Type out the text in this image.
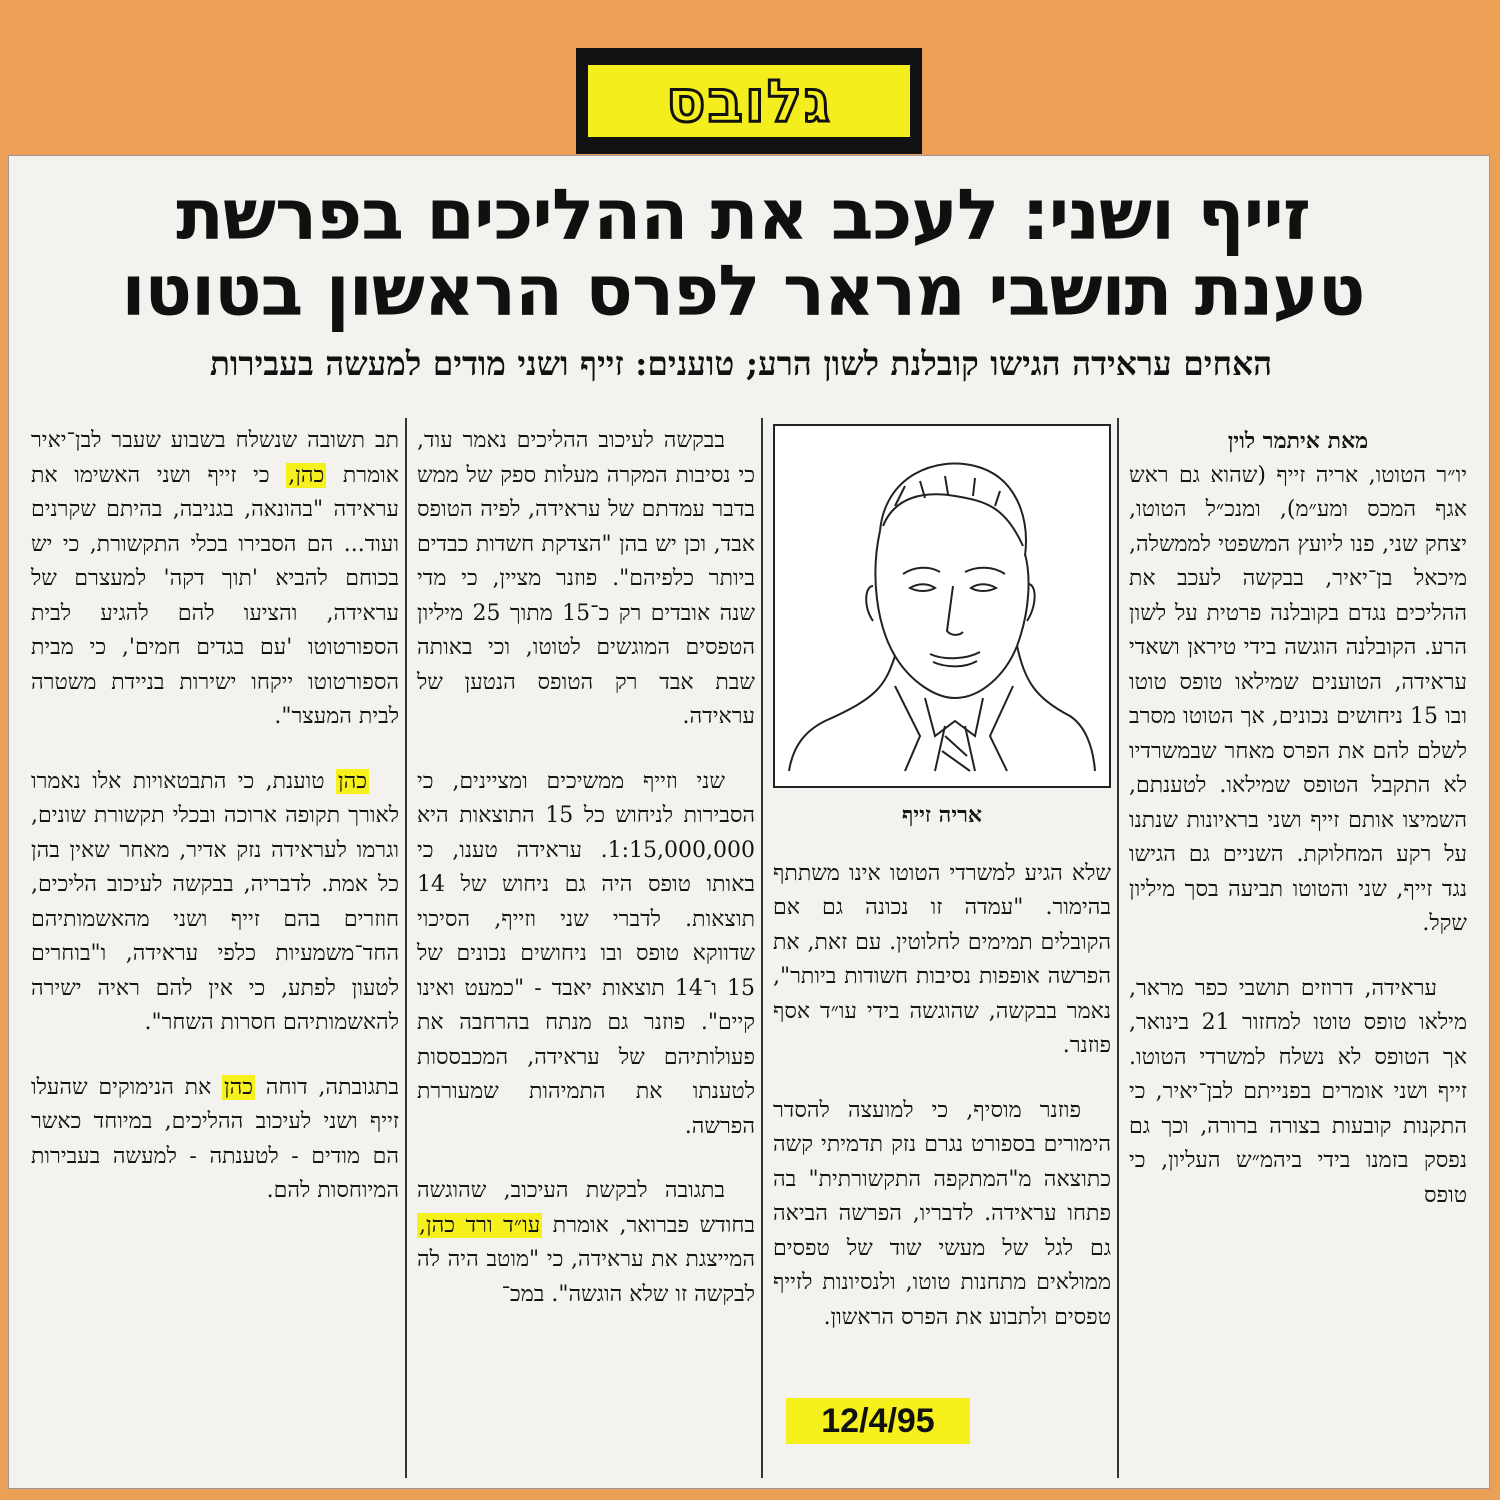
גלובס
זייף ושני: לעכב את ההליכים בפרשת
טענת תושבי מראר לפרס הראשון בטוטו
האחים עראידה הגישו קובלנת לשון הרע; טוענים: זייף ושני מודים למעשה בעבירות

מאת איתמר לוין

יו״ר הטוטו, אריה זייף (שהוא גם ראש אגף המכס ומע״מ), ומנכ״ל הטוטו, יצחק שני, פנו ליועץ המשפטי לממשלה, מיכאל בן־יאיר, בבקשה לעכב את ההליכים נגדם בקובלנה פרטית על לשון הרע. הקובלנה הוגשה בידי טיראן ושאדי עראידה, הטוענים שמילאו טופס טוטו ובו 15 ניחושים נכונים, אך הטוטו מסרב לשלם להם את הפרס מאחר שבמשרדיו לא התקבל הטופס שמילאו. לטענתם, השמיצו אותם זייף ושני בראיונות שנתנו על רקע המחלוקת. השניים גם הגישו נגד זייף, שני והטוטו תביעה בסך מיליון שקל.

עראידה, דרוזים תושבי כפר מראר, מילאו טופס טוטו למחזור 21 בינואר, אך הטופס לא נשלח למשרדי הטוטו. זייף ושני אומרים בפנייתם לבן־יאיר, כי התקנות קובעות בצורה ברורה, וכך גם נפסק בזמנו בידי ביהמ״ש העליון, כי טופס

אריה זייף

שלא הגיע למשרדי הטוטו אינו משתתף בהימור. "עמדה זו נכונה גם אם הקובלים תמימים לחלוטין. עם זאת, את הפרשה אופפות נסיבות חשודות ביותר", נאמר בבקשה, שהוגשה בידי עו״ד אסף פוזנר.

פוזנר מוסיף, כי למועצה להסדר הימורים בספורט נגרם נזק תדמיתי קשה כתוצאה מ"המתקפה התקשורתית" בה פתחו עראידה. לדבריו, הפרשה הביאה גם לגל של מעשי שוד של טפסים ממולאים מתחנות טוטו, ולנסיונות לזייף טפסים ולתבוע את הפרס הראשון.

בבקשה לעיכוב ההליכים נאמר עוד, כי נסיבות המקרה מעלות ספק של ממש בדבר עמדתם של עראידה, לפיה הטופס אבד, וכן יש בהן "הצדקת חשדות כבדים ביותר כלפיהם". פוזנר מציין, כי מדי שנה אובדים רק כ־15 מתוך 25 מיליון הטפסים המוגשים לטוטו, וכי באותה שבת אבד רק הטופס הנטען של עראידה.

שני וזייף ממשיכים ומציינים, כי הסבירות לניחוש כל 15 התוצאות היא 1:15,000,000. עראידה טענו, כי באותו טופס היה גם ניחוש של 14 תוצאות. לדברי שני וזייף, הסיכוי שדווקא טופס ובו ניחושים נכונים של 15 ו־14 תוצאות יאבד - "כמעט ואינו קיים". פוזנר גם מנתח בהרחבה את פעולותיהם של עראידה, המכבססות לטענתו את התמיהות שמעוררת הפרשה.

בתגובה לבקשת העיכוב, שהוגשה בחודש פברואר, אומרת עו״ד ורד כהן, המייצגת את עראידה, כי "מוטב היה לה לבקשה זו שלא הוגשה". במכ־

תב תשובה שנשלח בשבוע שעבר לבן־יאיר אומרת כהן, כי זייף ושני האשימו את עראידה "בהונאה, בגניבה, בהיתם שקרנים ועוד... הם הסבירו בכלי התקשורת, כי יש בכוחם להביא 'תוך דקה' למעצרם של עראידה, והציעו להם להגיע לבית הספורטוטו 'עם בגדים חמים', כי מבית הספורטוטו ייקחו ישירות בניידת משטרה לבית המעצר".

כהן טוענת, כי התבטאויות אלו נאמרו לאורך תקופה ארוכה ובכלי תקשורת שונים, וגרמו לעראידה נזק אדיר, מאחר שאין בהן כל אמת. לדבריה, בבקשה לעיכוב הליכים, חוזרים בהם זייף ושני מהאשמותיהם החד־משמעיות כלפי עראידה, ו"בוחרים לטעון לפתע, כי אין להם ראיה ישירה להאשמותיהם חסרות השחר".

בתגובתה, דוחה כהן את הנימוקים שהעלו זייף ושני לעיכוב ההליכים, במיוחד כאשר הם מודים - לטענתה - למעשה בעבירות המיוחסות להם.

12/4/95
